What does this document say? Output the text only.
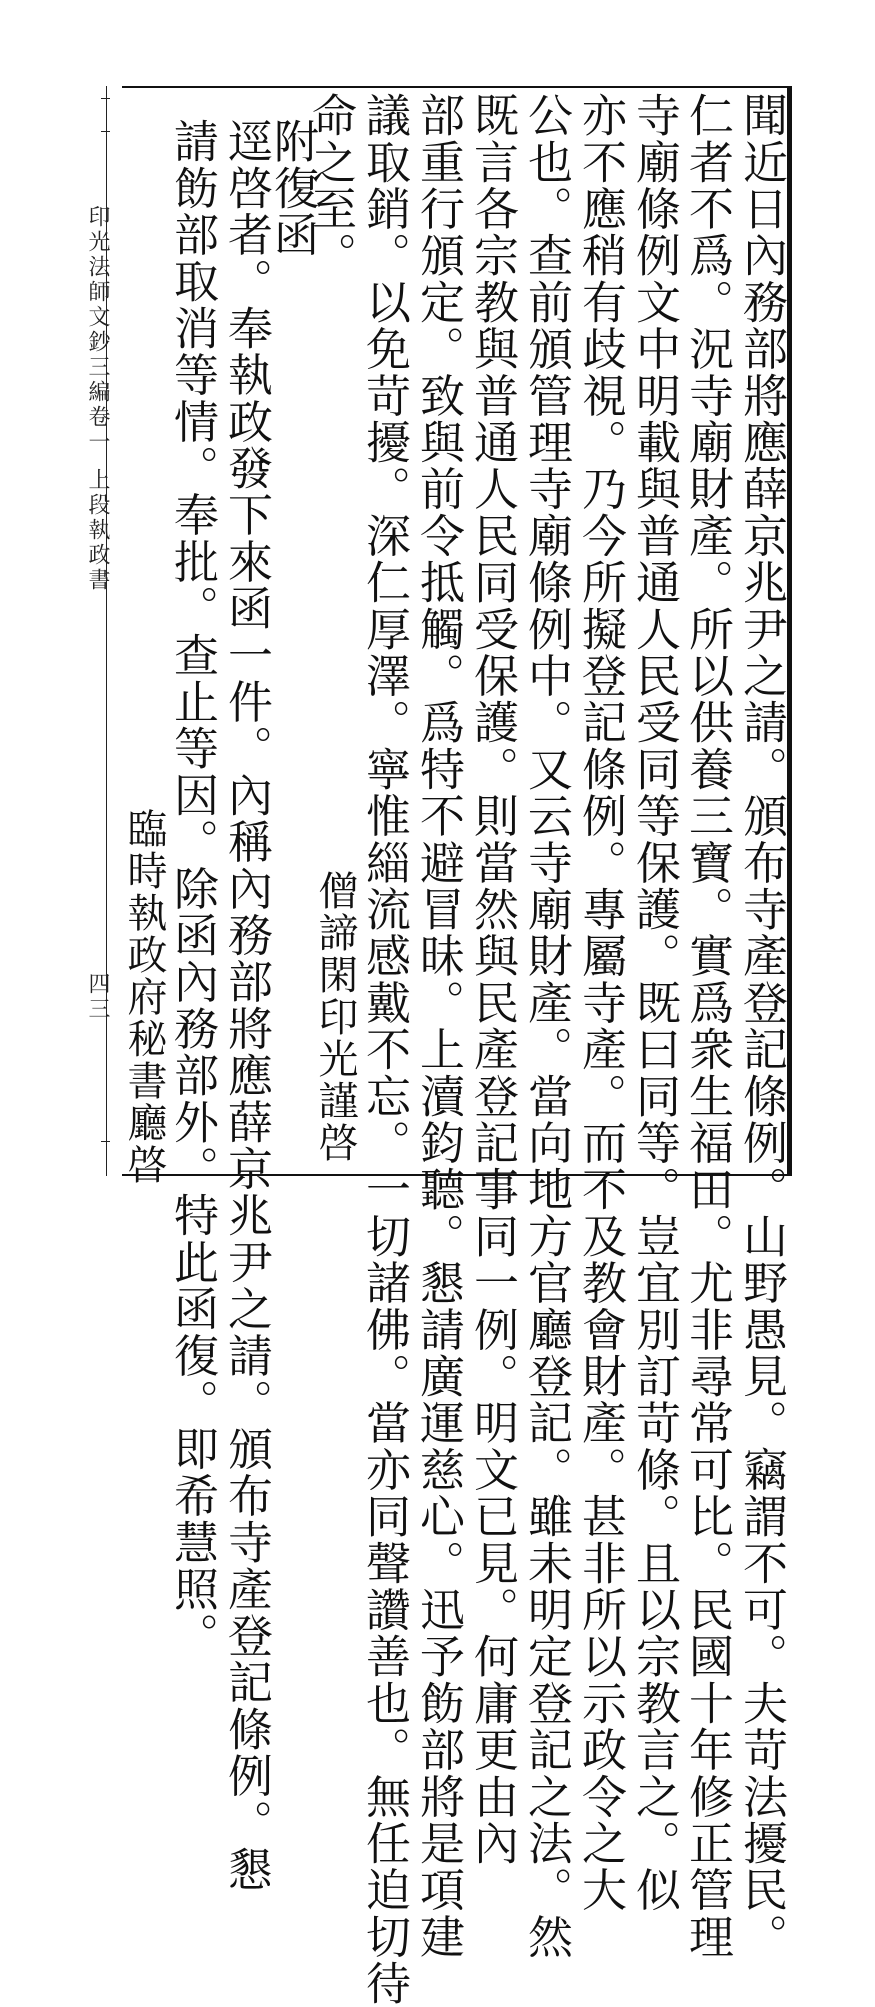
印光法師文鈔三編卷一
上段執政書
四三	聞近日內務部將應薛京兆尹之請。頒布寺產登記條例。山野愚見。竊謂不可。夫苛法擾民。
仁者不爲。況寺廟財產。所以供養三寶。實爲衆生福田。尤非尋常可比。民國十年修正管理
寺廟條例文中明載與普通人民受同等保護。既曰同等。豈宜別訂苛條。且以宗教言之。似
亦不應稍有歧視。乃今所擬登記條例。專屬寺產。而不及教會財產。甚非所以示政令之大
公也。查前頒管理寺廟條例中。又云寺廟財產。當向地方官廳登記。雖未明定登記之法。然
既言各宗教與普通人民同受保護。則當然與民產登記事同一例。明文已見。何庸更由內
部重行頒定。致與前令抵觸。爲特不避冒昧。上瀆鈞聽。懇請廣運慈心。迅予飭部將是項建
議取銷。以免苛擾。深仁厚澤。寧惟緇流感戴不忘。一切諸佛。當亦同聲讚善也。無任迫切待
命之至。
僧諦閑印光謹啓
附復函
逕啓者。奉執政發下來函一件。內稱內務部將應薛京兆尹之請。頒布寺產登記條例。懇
請飭部取消等情。奉批。查止等因。除函內務部外。特此函復。即希慧照。
臨時執政府秘書廳啓
